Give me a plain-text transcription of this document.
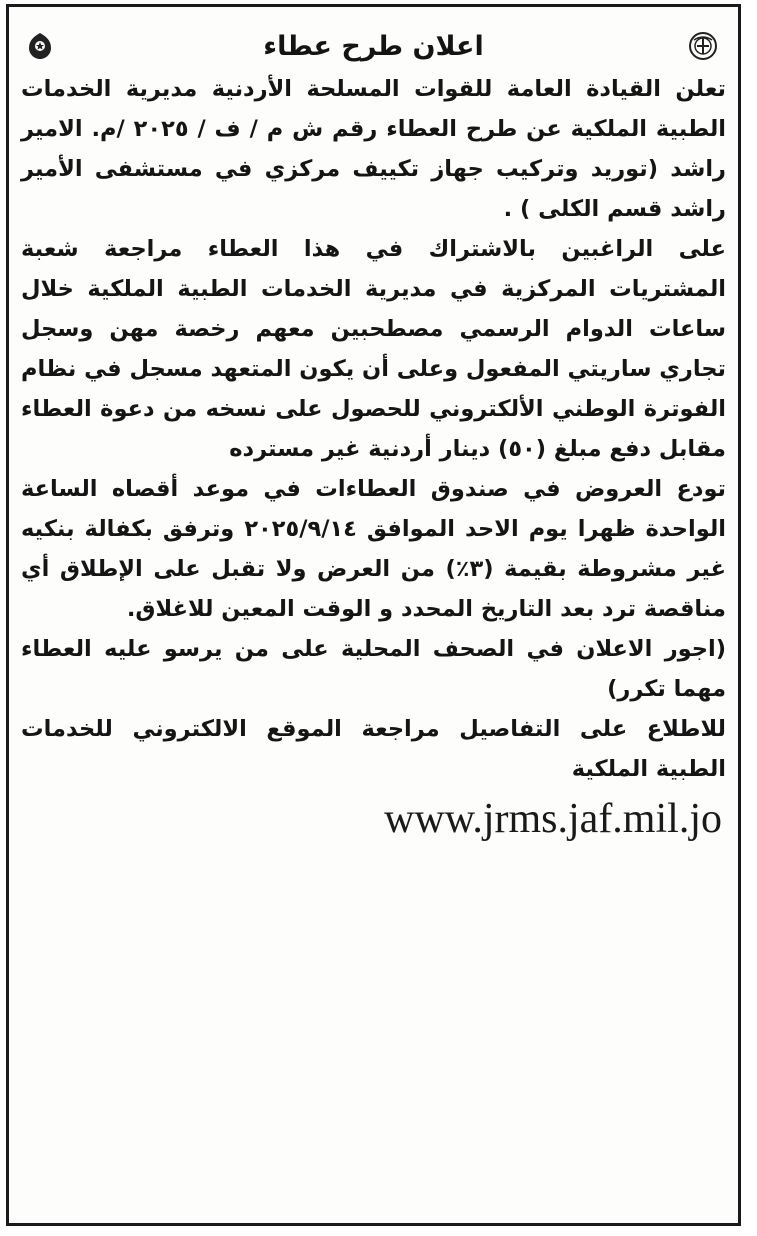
اعلان طرح عطاء

تعلن القيادة العامة للقوات المسلحة الأردنية مديرية الخدمات الطبية الملكية عن طرح العطاء رقم ش م / ف / ٢٠٢٥ /م. الامير راشد (توريد وتركيب جهاز تكييف مركزي في مستشفى الأمير راشد قسم الكلى ) .

على الراغبين بالاشتراك في هذا العطاء مراجعة شعبة المشتريات المركزية في مديرية الخدمات الطبية الملكية خلال ساعات الدوام الرسمي مصطحبين معهم رخصة مهن وسجل تجاري ساريتي المفعول وعلى أن يكون المتعهد مسجل في نظام الفوترة الوطني الألكتروني للحصول على نسخه من دعوة العطاء مقابل دفع مبلغ (٥٠) دينار أردنية غير مسترده

تودع العروض في صندوق العطاءات في موعد أقصاه الساعة الواحدة ظهرا يوم الاحد الموافق ٢٠٢٥/٩/١٤ وترفق بكفالة بنكيه غير مشروطة بقيمة (٣٪) من العرض ولا تقبل على الإطلاق أي مناقصة ترد بعد التاريخ المحدد و الوقت المعين للاغلاق.

(اجور الاعلان في الصحف المحلية على من يرسو عليه العطاء مهما تكرر)

للاطلاع على التفاصيل مراجعة الموقع الالكتروني للخدمات الطبية الملكية

www.jrms.jaf.mil.jo
